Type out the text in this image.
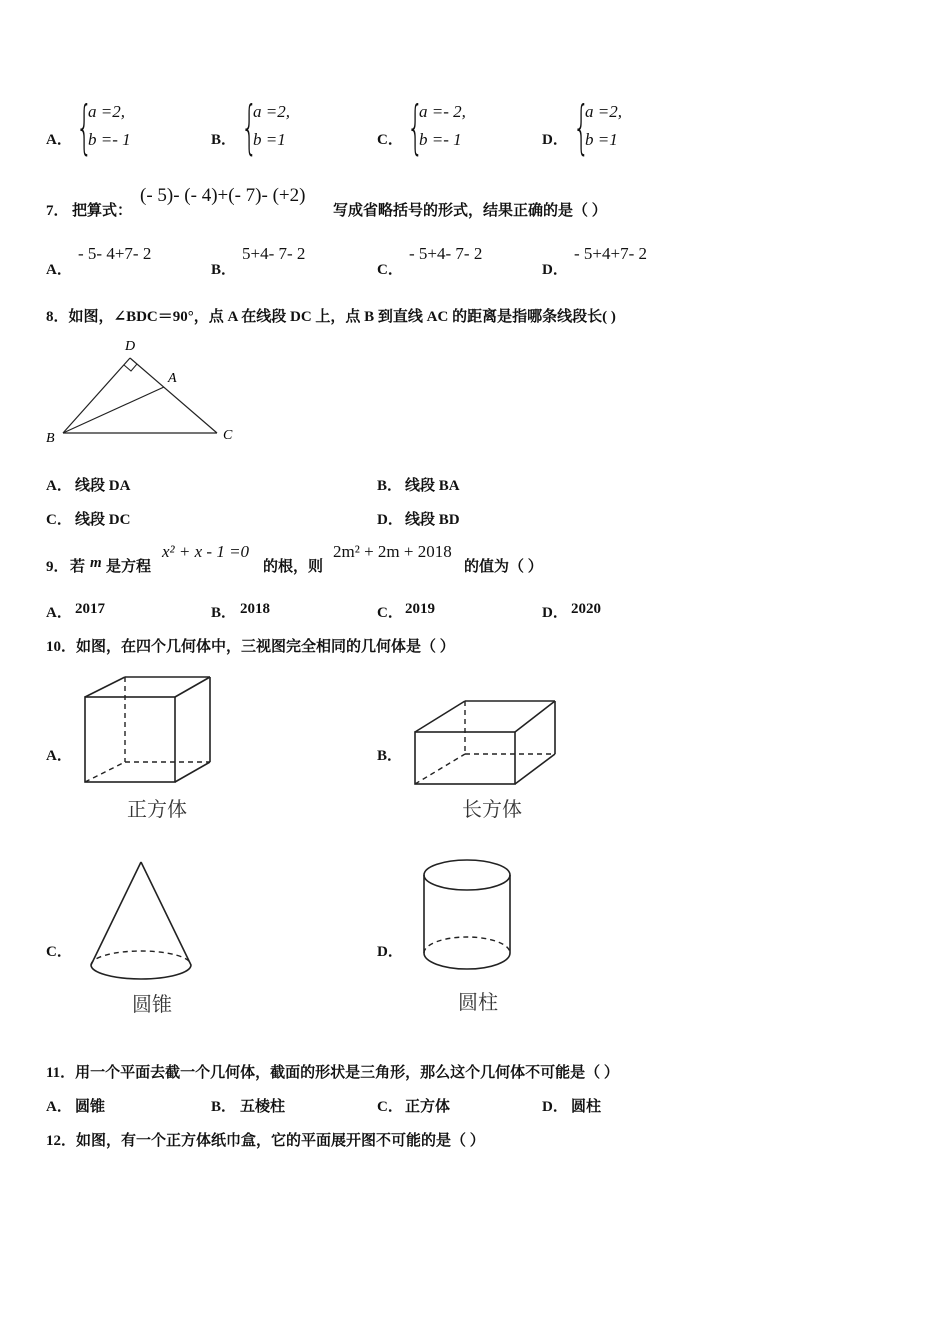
A． {
a =2,
b =- 1	B． {
a =2,
b =1	C． {
a =- 2,
b =- 1	D． {
a =2,
b =1
7． 把算式：
(- 5)- (- 4)+(- 7)- (+2)
写成省略括号的形式，结果正确的是（ ）
A．
- 5- 4+7- 2
B．
5+4- 7- 2
C．
- 5+4- 7- 2
D．
- 5+4+7- 2
8．如图，∠BDC＝90°，点 A 在线段 DC 上，点 B 到直线 AC 的距离是指哪条线段长( )
D
A
B	C
A． 线段 DA	B． 线段 BA
C． 线段 DC	D． 线段 BD
9． 若 m 是方程
x² + x - 1 =0
的根，则
2m² + 2m + 2018
的值为（ ）
A． 2017	B． 2018	C． 2019	D． 2020
10．如图，在四个几何体中，三视图完全相同的几何体是（ ）
A．
正方体
B．
长方体
C．
圆锥
D．
圆柱
11．用一个平面去截一个几何体，截面的形状是三角形，那么这个几何体不可能是（ ）
A． 圆锥	B． 五棱柱	C． 正方体	D． 圆柱
12．如图，有一个正方体纸巾盒，它的平面展开图不可能的是（ ）
